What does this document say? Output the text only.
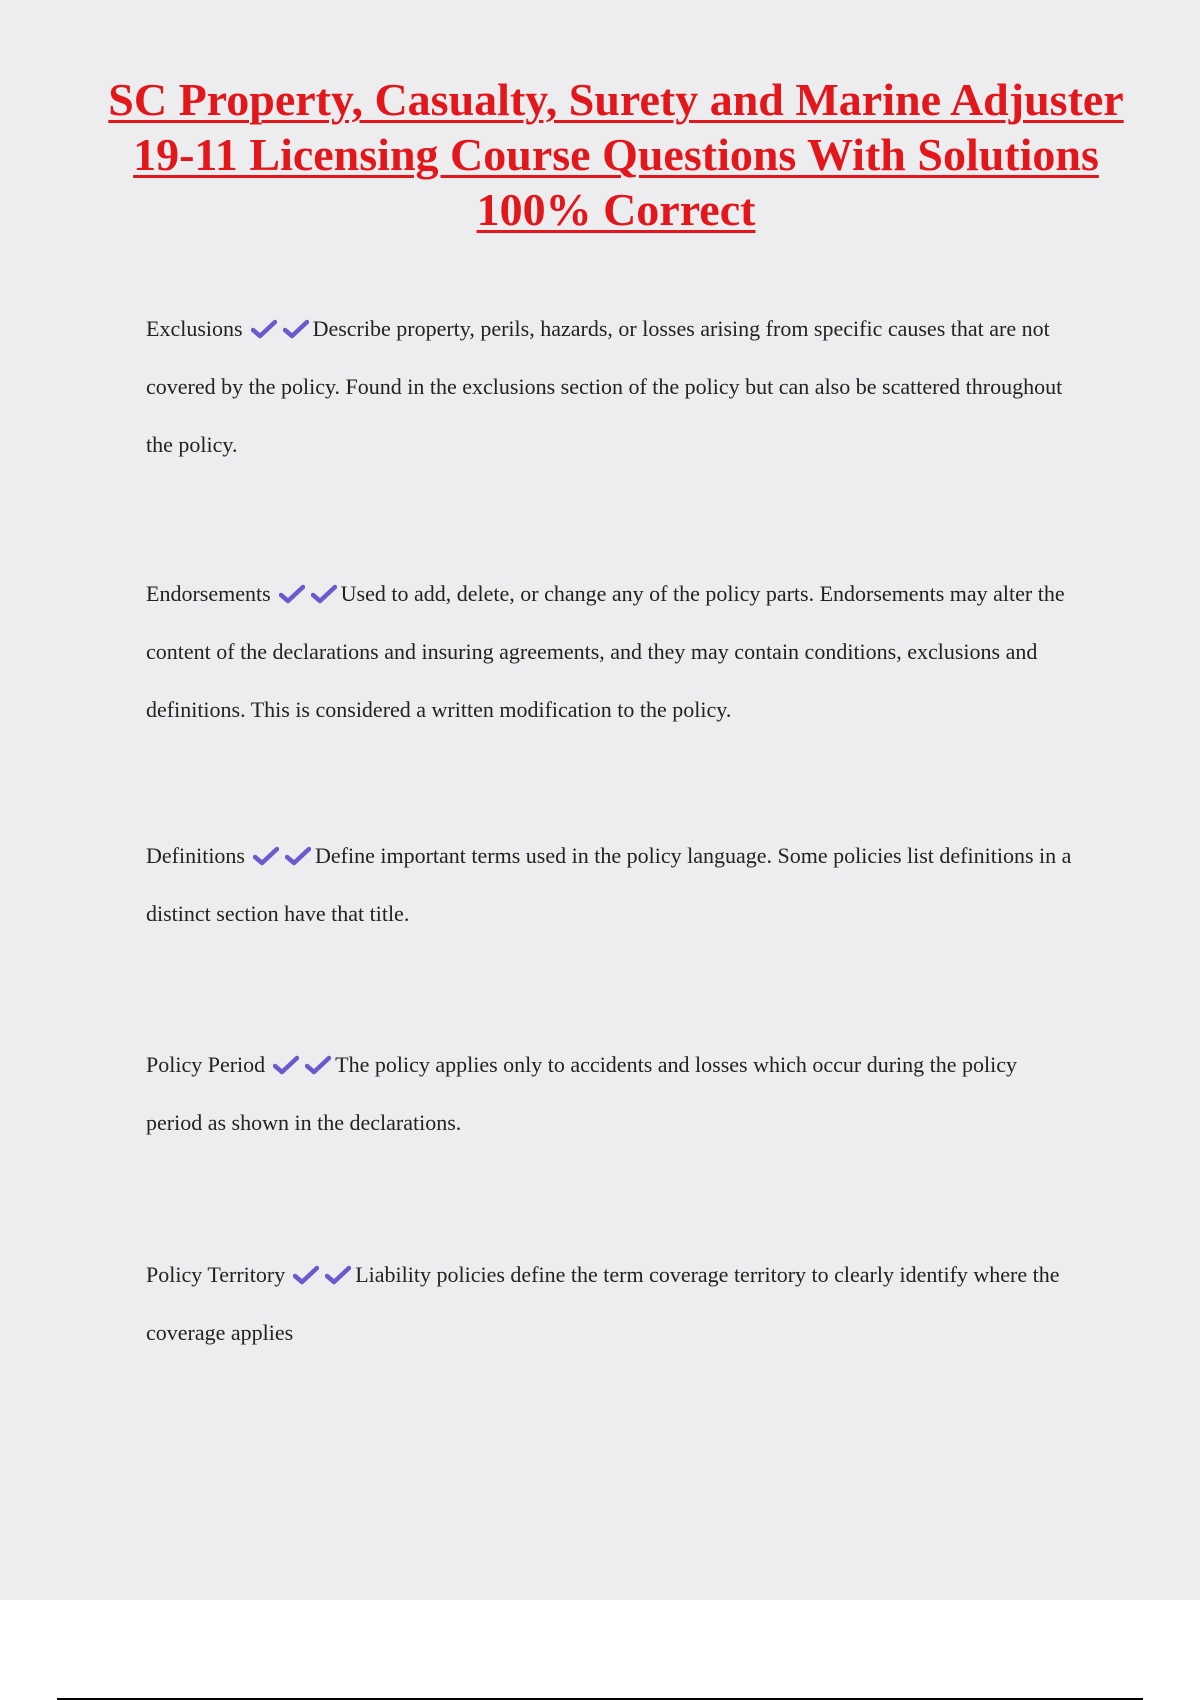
SC Property, Casualty, Surety and Marine Adjuster 19-11 Licensing Course Questions With Solutions 100% Correct

Exclusions	Describe property, perils, hazards, or losses arising from specific causes that are not covered by the policy. Found in the exclusions section of the policy but can also be scattered throughout the policy.

Endorsements	Used to add, delete, or change any of the policy parts. Endorsements may alter the content of the declarations and insuring agreements, and they may contain conditions, exclusions and definitions. This is considered a written modification to the policy.

Definitions	Define important terms used in the policy language. Some policies list definitions in a distinct section have that title.

Policy Period	The policy applies only to accidents and losses which occur during the policy period as shown in the declarations.

Policy Territory	Liability policies define the term coverage territory to clearly identify where the coverage applies
